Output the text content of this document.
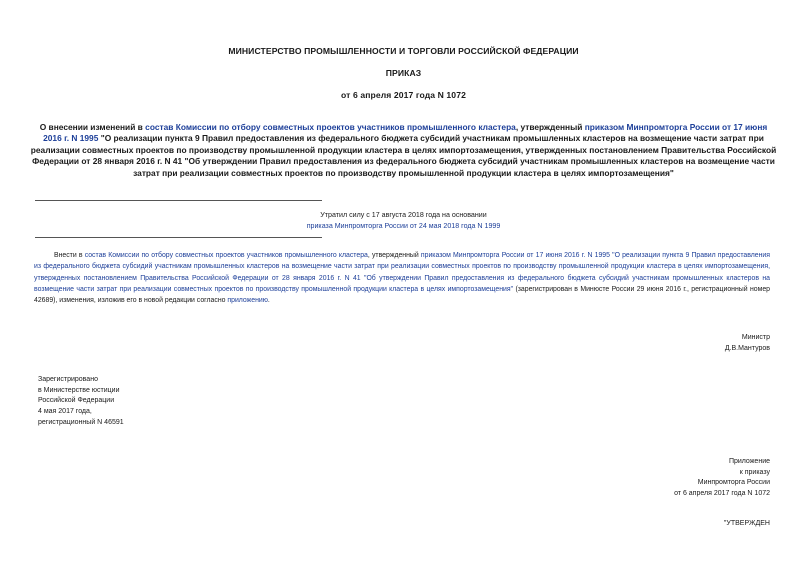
МИНИСТЕРСТВО ПРОМЫШЛЕННОСТИ И ТОРГОВЛИ РОССИЙСКОЙ ФЕДЕРАЦИИ
ПРИКАЗ
от 6 апреля 2017 года N 1072
О внесении изменений в состав Комиссии по отбору совместных проектов участников промышленного кластера, утвержденный приказом Минпромторга России от 17 июня 2016 г. N 1995 "О реализации пункта 9 Правил предоставления из федерального бюджета субсидий участникам промышленных кластеров на возмещение части затрат при реализации совместных проектов по производству промышленной продукции кластера в целях импортозамещения, утвержденных постановлением Правительства Российской Федерации от 28 января 2016 г. N 41 "Об утверждении Правил предоставления из федерального бюджета субсидий участникам промышленных кластеров на возмещение части затрат при реализации совместных проектов по производству промышленной продукции кластера в целях импортозамещения"
Утратил силу с 17 августа 2018 года на основании
приказа Минпромторга России от 24 мая 2018 года N 1999
Внести в состав Комиссии по отбору совместных проектов участников промышленного кластера, утвержденный приказом Минпромторга России от 17 июня 2016 г. N 1995 "О реализации пункта 9 Правил предоставления из федерального бюджета субсидий участникам промышленных кластеров на возмещение части затрат при реализации совместных проектов по производству промышленной продукции кластера в целях импортозамещения, утвержденных постановлением Правительства Российской Федерации от 28 января 2016 г. N 41 "Об утверждении Правил предоставления из федерального бюджета субсидий участникам промышленных кластеров на возмещение части затрат при реализации совместных проектов по производству промышленной продукции кластера в целях импортозамещения" (зарегистрирован в Минюсте России 29 июня 2016 г., регистрационный номер 42689), изменения, изложив его в новой редакции согласно приложению.
Министр
Д.В.Мантуров
Зарегистрировано
в Министерстве юстиции
Российской Федерации
4 мая 2017 года,
регистрационный N 46591
Приложение
к приказу
Минпромторга России
от 6 апреля 2017 года N 1072
"УТВЕРЖДЕН
